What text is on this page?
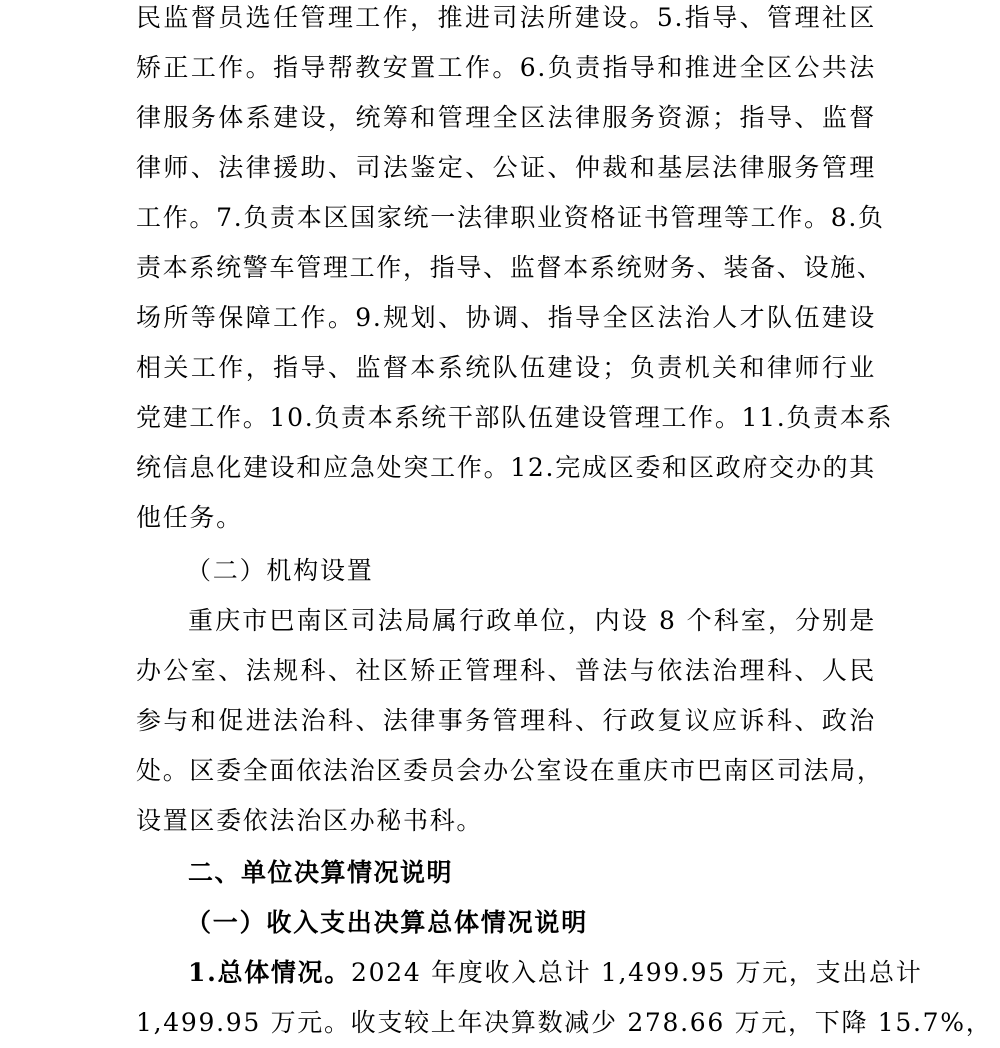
民监督员选任管理工作，推进司法所建设。5.指导、管理社区
矫正工作。指导帮教安置工作。6.负责指导和推进全区公共法
律服务体系建设，统筹和管理全区法律服务资源；指导、监督
律师、法律援助、司法鉴定、公证、仲裁和基层法律服务管理
工作。7.负责本区国家统一法律职业资格证书管理等工作。8.负
责本系统警车管理工作，指导、监督本系统财务、装备、设施、
场所等保障工作。9.规划、协调、指导全区法治人才队伍建设
相关工作，指导、监督本系统队伍建设；负责机关和律师行业
党建工作。10.负责本系统干部队伍建设管理工作。11.负责本系
统信息化建设和应急处突工作。12.完成区委和区政府交办的其
他任务。
（二）机构设置
重庆市巴南区司法局属行政单位，内设 8 个科室，分别是
办公室、法规科、社区矫正管理科、普法与依法治理科、人民
参与和促进法治科、法律事务管理科、行政复议应诉科、政治
处。区委全面依法治区委员会办公室设在重庆市巴南区司法局，
设置区委依法治区办秘书科。
二、单位决算情况说明
（一）收入支出决算总体情况说明
1.总体情况。2024 年度收入总计 1,499.95 万元，支出总计
1,499.95 万元。收支较上年决算数减少 278.66 万元，下降 15.7%，
